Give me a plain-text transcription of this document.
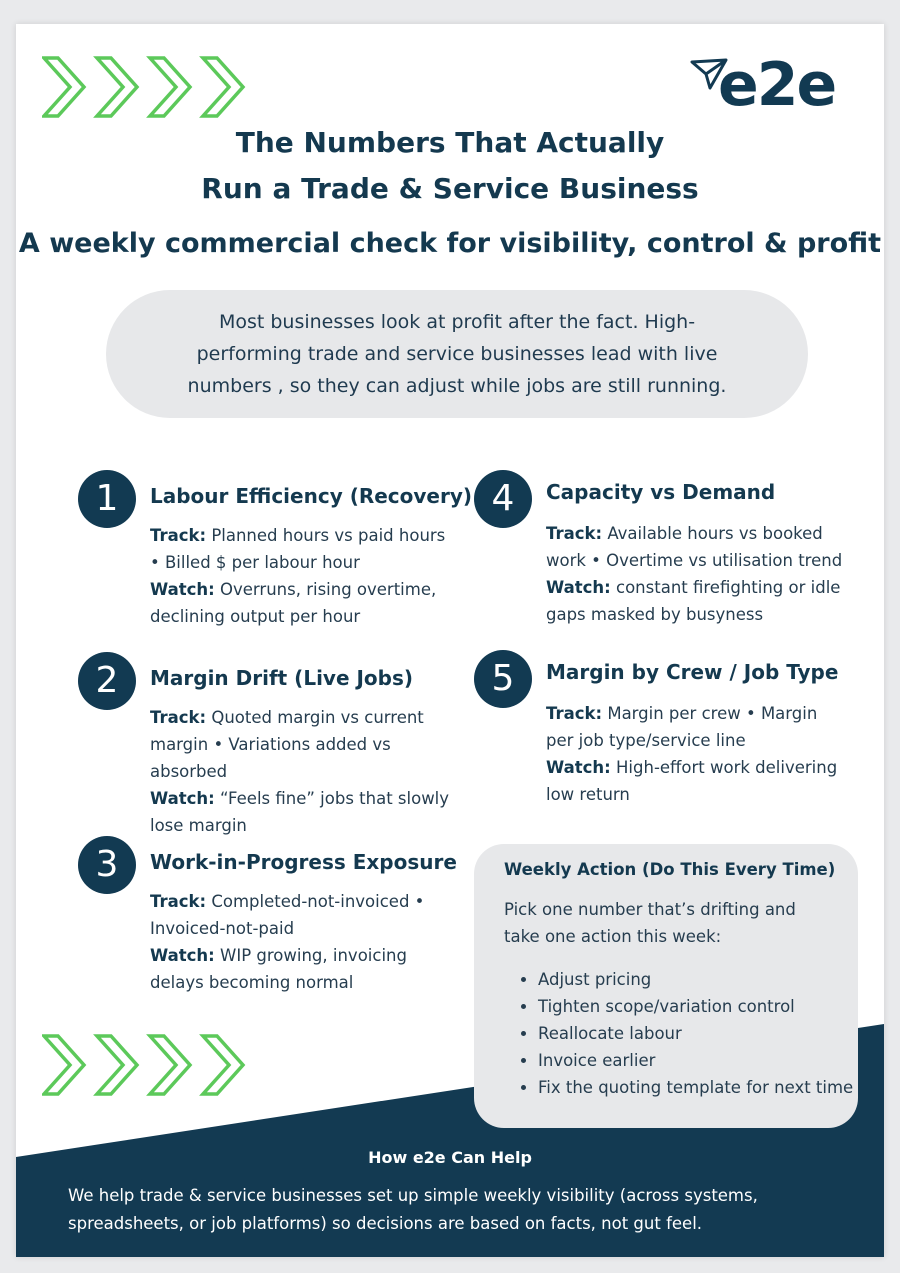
e2e
The Numbers That Actually
Run a Trade & Service Business
A weekly commercial check for visibility, control & profit

Most businesses look at profit after the fact. High-performing trade and service businesses lead with live numbers , so they can adjust while jobs are still running.

1	Labour Efficiency (Recovery)
Track: Planned hours vs paid hours • Billed $ per labour hour
Watch: Overruns, rising overtime, declining output per hour
2	Margin Drift (Live Jobs)
Track: Quoted margin vs current margin • Variations added vs absorbed
Watch: “Feels fine” jobs that slowly lose margin
3	Work-in-Progress Exposure
Track: Completed-not-invoiced • Invoiced-not-paid
Watch: WIP growing, invoicing delays becoming normal
4	Capacity vs Demand
Track: Available hours vs booked work • Overtime vs utilisation trend
Watch: constant firefighting or idle gaps masked by busyness
5	Margin by Crew / Job Type
Track: Margin per crew • Margin per job type/service line
Watch: High-effort work delivering low return
Weekly Action (Do This Every Time)

Pick one number that’s drifting and take one action this week:

• Adjust pricing
• Tighten scope/variation control
• Reallocate labour
• Invoice earlier
• Fix the quoting template for next time
How e2e Can Help

We help trade & service businesses set up simple weekly visibility (across systems, spreadsheets, or job platforms) so decisions are based on facts, not gut feel.
